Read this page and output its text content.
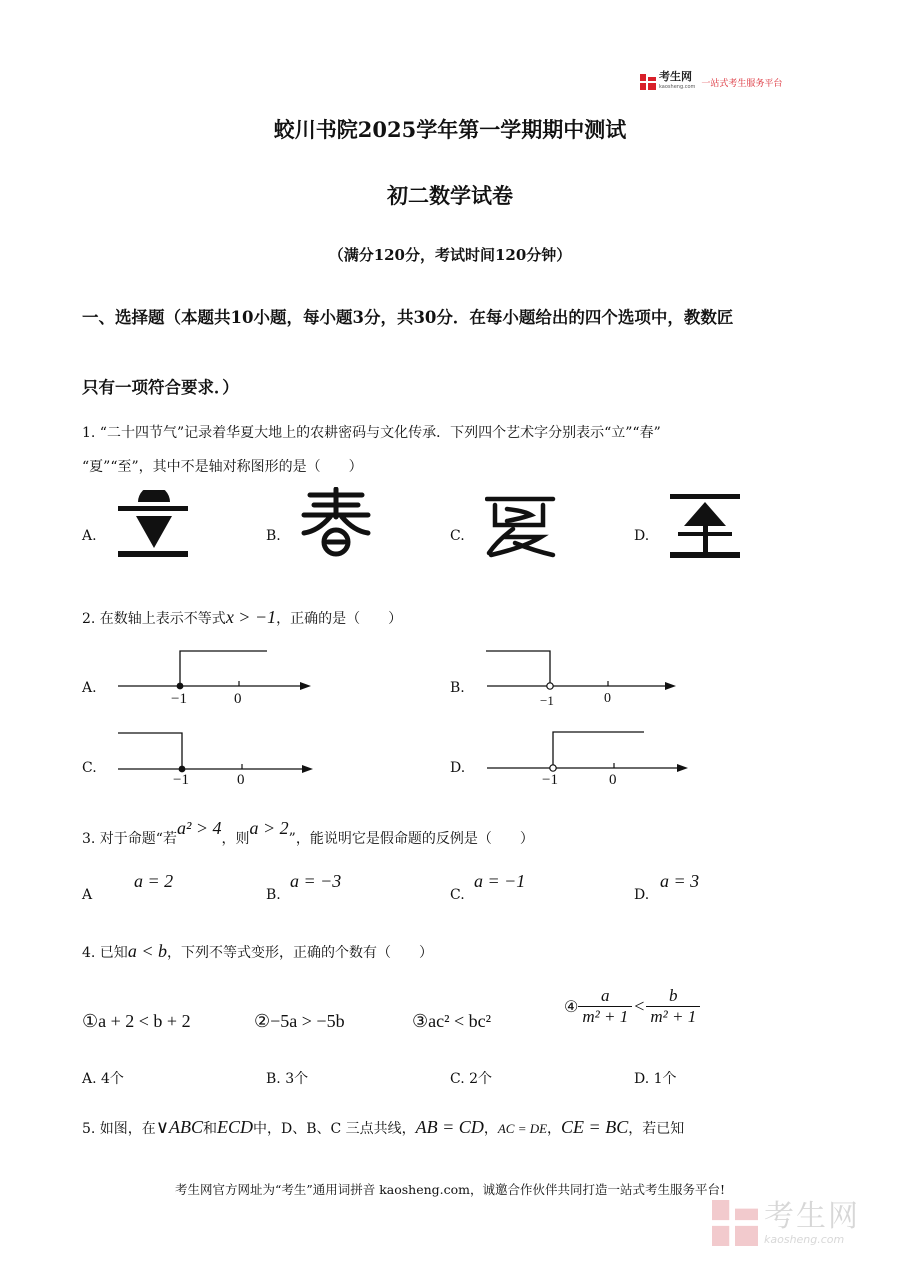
考生网
kaosheng.com 一站式考生服务平台
蛟川书院2025学年第一学期期中测试
初二数学试卷
（满分120分，考试时间120分钟）
一、选择题（本题共10小题，每小题3分，共30分．在每小题给出的四个选项中，教数匠
只有一项符合要求．）
1. “二十四节气”记录着华夏大地上的农耕密码与文化传承．下列四个艺术字分别表示“立”“春”
“夏”“至”，其中不是轴对称图形的是（　　）
A.	B.	C.	D.
2. 在数轴上表示不等式x > −1，正确的是（　　）
A.
−1	0
B.
−1	0
C.
−1	0
D.
−1	0
3. 对于命题“若a² > 4，则a > 2”，能说明它是假命题的反例是（　　）
A
a = 2
B.
a = −3
C.
a = −1
D.
a = 3
4. 已知a < b，下列不等式变形，正确的个数有（　　）
①a + 2 < b + 2	②−5a > −5b	③ac² < bc²
④ $\frac{a}{\text{m² + 1}} < \frac{b}{\text{m² + 1}}$
A. 4个	B. 3个	C. 2个	D. 1个
5. 如图，在∨ABC和ECD中，D、B、C 三点共线，AB = CD，AC = DE，CE = BC，若已知
考生网官方网址为“考生”通用词拼音 kaosheng.com，诚邀合作伙伴共同打造一站式考生服务平台!
考生网
kaosheng.com
